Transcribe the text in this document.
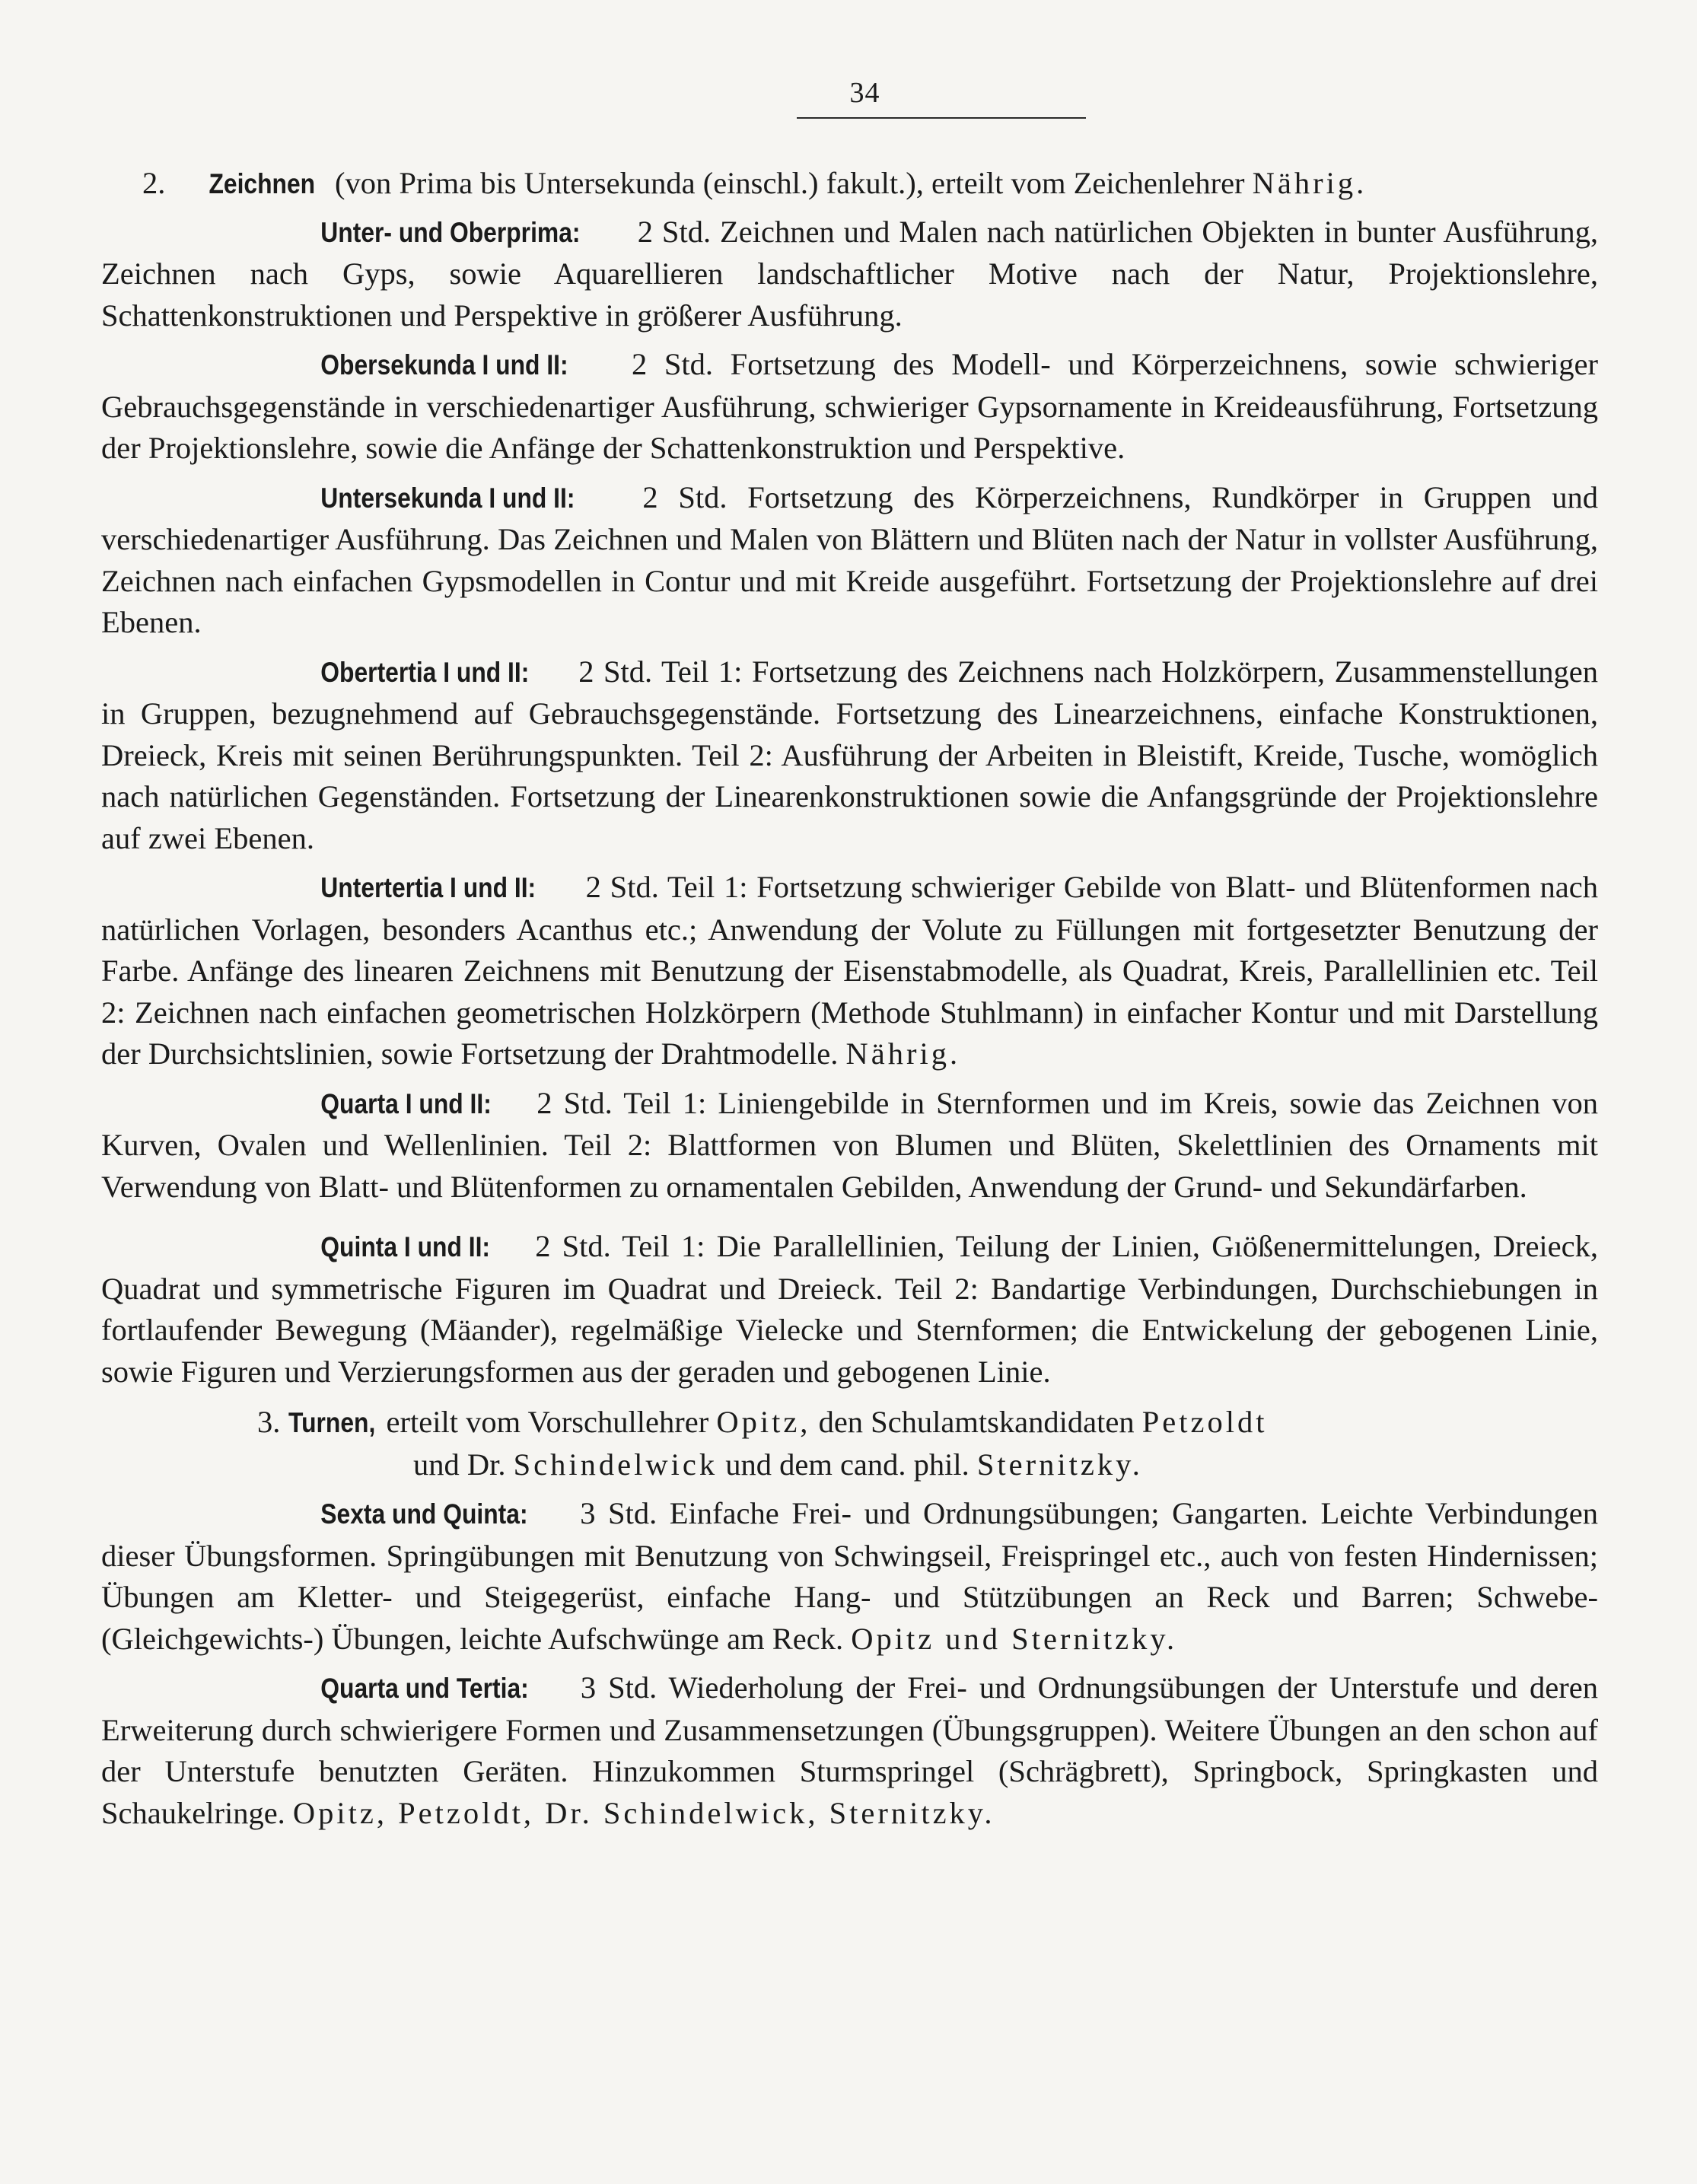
34

2. Zeichnen (von Prima bis Untersekunda (einschl.) fakult.), erteilt vom Zeichenlehrer Nährig.

Unter- und Oberprima: 2 Std. Zeichnen und Malen nach natürlichen Objekten in bunter Ausführung, Zeichnen nach Gyps, sowie Aquarellieren landschaftlicher Motive nach der Natur, Projektionslehre, Schattenkonstruktionen und Perspektive in größerer Ausführung.

Obersekunda I und II: 2 Std. Fortsetzung des Modell- und Körperzeichnens, sowie schwieriger Gebrauchsgegenstände in verschiedenartiger Ausführung, schwieriger Gypsornamente in Kreideausführung, Fortsetzung der Projektionslehre, sowie die Anfänge der Schattenkonstruktion und Perspektive.

Untersekunda I und II: 2 Std. Fortsetzung des Körperzeichnens, Rundkörper in Gruppen und verschiedenartiger Ausführung. Das Zeichnen und Malen von Blättern und Blüten nach der Natur in vollster Ausführung, Zeichnen nach einfachen Gypsmodellen in Contur und mit Kreide ausgeführt. Fortsetzung der Projektionslehre auf drei Ebenen.

Obertertia I und II: 2 Std. Teil 1: Fortsetzung des Zeichnens nach Holzkörpern, Zusammenstellungen in Gruppen, bezugnehmend auf Gebrauchsgegenstände. Fortsetzung des Linearzeichnens, einfache Konstruktionen, Dreieck, Kreis mit seinen Berührungspunkten. Teil 2: Ausführung der Arbeiten in Bleistift, Kreide, Tusche, womöglich nach natürlichen Gegenständen. Fortsetzung der Linearenkonstruktionen sowie die Anfangsgründe der Projektionslehre auf zwei Ebenen.

Untertertia I und II: 2 Std. Teil 1: Fortsetzung schwieriger Gebilde von Blatt- und Blütenformen nach natürlichen Vorlagen, besonders Acanthus etc.; Anwendung der Volute zu Füllungen mit fortgesetzter Benutzung der Farbe. Anfänge des linearen Zeichnens mit Benutzung der Eisenstabmodelle, als Quadrat, Kreis, Parallellinien etc. Teil 2: Zeichnen nach einfachen geometrischen Holzkörpern (Methode Stuhlmann) in einfacher Kontur und mit Darstellung der Durchsichtslinien, sowie Fortsetzung der Drahtmodelle. Nährig.

Quarta I und II: 2 Std. Teil 1: Liniengebilde in Sternformen und im Kreis, sowie das Zeichnen von Kurven, Ovalen und Wellenlinien. Teil 2: Blattformen von Blumen und Blüten, Skelettlinien des Ornaments mit Verwendung von Blatt- und Blütenformen zu ornamentalen Gebilden, Anwendung der Grund- und Sekundärfarben.

Quinta I und II: 2 Std. Teil 1: Die Parallellinien, Teilung der Linien, Gıößenermittelungen, Dreieck, Quadrat und symmetrische Figuren im Quadrat und Dreieck. Teil 2: Bandartige Verbindungen, Durchschiebungen in fortlaufender Bewegung (Mäander), regelmäßige Vielecke und Sternformen; die Entwickelung der gebogenen Linie, sowie Figuren und Verzierungsformen aus der geraden und gebogenen Linie.

3. Turnen, erteilt vom Vorschullehrer Opitz, den Schulamtskandidaten Petzoldt

und Dr. Schindelwick und dem cand. phil. Sternitzky.

Sexta und Quinta: 3 Std. Einfache Frei- und Ordnungsübungen; Gangarten. Leichte Verbindungen dieser Übungsformen. Springübungen mit Benutzung von Schwingseil, Freispringel etc., auch von festen Hindernissen; Übungen am Kletter- und Steigegerüst, einfache Hang- und Stützübungen an Reck und Barren; Schwebe- (Gleichgewichts-) Übungen, leichte Aufschwünge am Reck. Opitz und Sternitzky.

Quarta und Tertia: 3 Std. Wiederholung der Frei- und Ordnungsübungen der Unterstufe und deren Erweiterung durch schwierigere Formen und Zusammensetzungen (Übungsgruppen). Weitere Übungen an den schon auf der Unterstufe benutzten Geräten. Hinzukommen Sturmspringel (Schrägbrett), Springbock, Springkasten und Schaukelringe. Opitz, Petzoldt, Dr. Schindelwick, Sternitzky.
